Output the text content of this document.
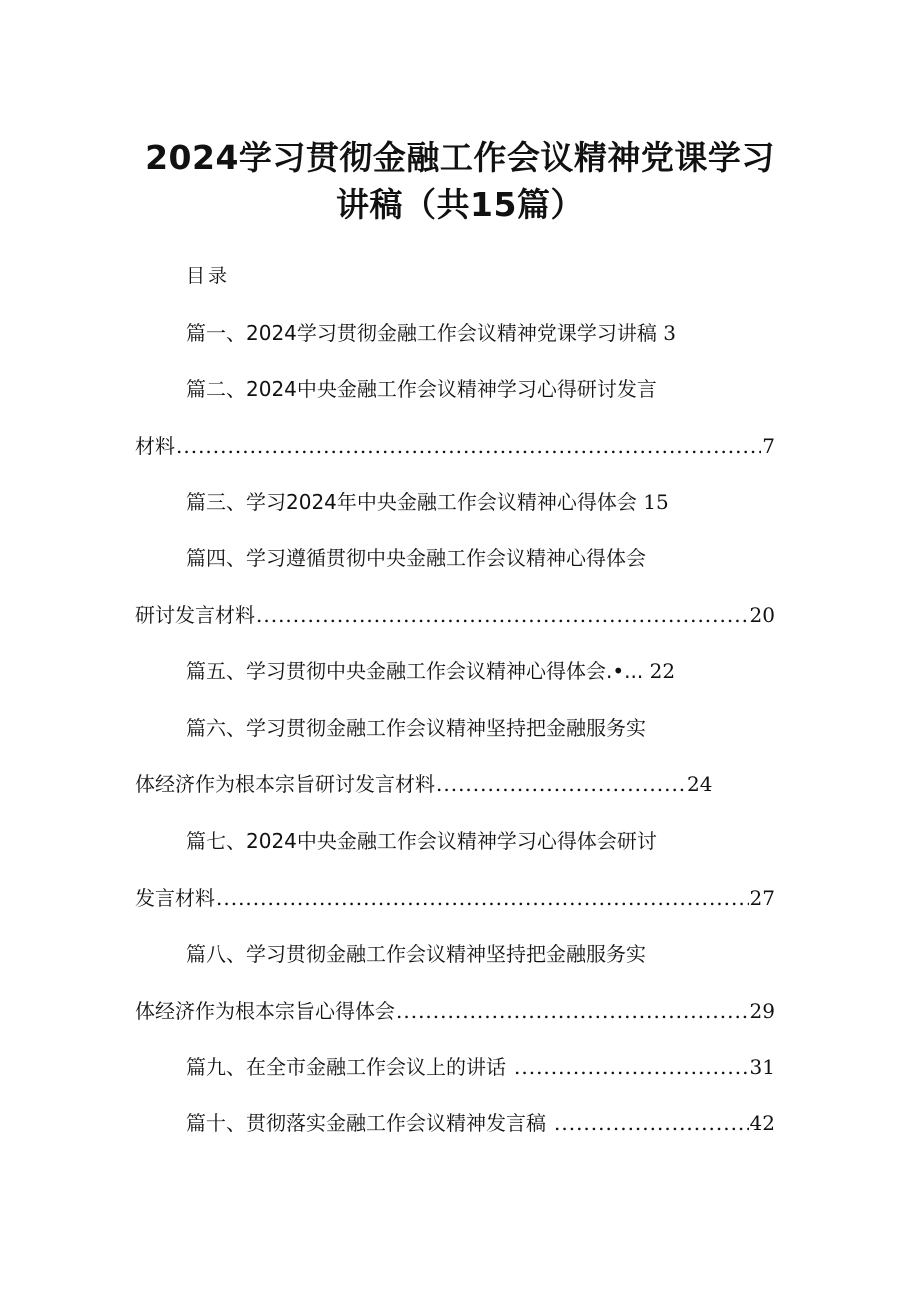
2024学习贯彻金融工作会议精神党课学习
讲稿（共15篇）
目录
篇一、2024学习贯彻金融工作会议精神党课学习讲稿 3
篇二、2024中央金融工作会议精神学习心得研讨发言
材料 .....	7
篇三、学习2024年中央金融工作会议精神心得体会 15
篇四、学习遵循贯彻中央金融工作会议精神心得体会
研讨发言材料 .....	20
篇五、学习贯彻中央金融工作会议精神心得体会.•... 22
篇六、学习贯彻金融工作会议精神坚持把金融服务实
体经济作为根本宗旨研讨发言材料 .....	24
篇七、2024中央金融工作会议精神学习心得体会研讨
发言材料 .....	27
篇八、学习贯彻金融工作会议精神坚持把金融服务实
体经济作为根本宗旨心得体会 .....	29
篇九、在全市金融工作会议上的讲话 .....	31
篇十、贯彻落实金融工作会议精神发言稿 .....	42
